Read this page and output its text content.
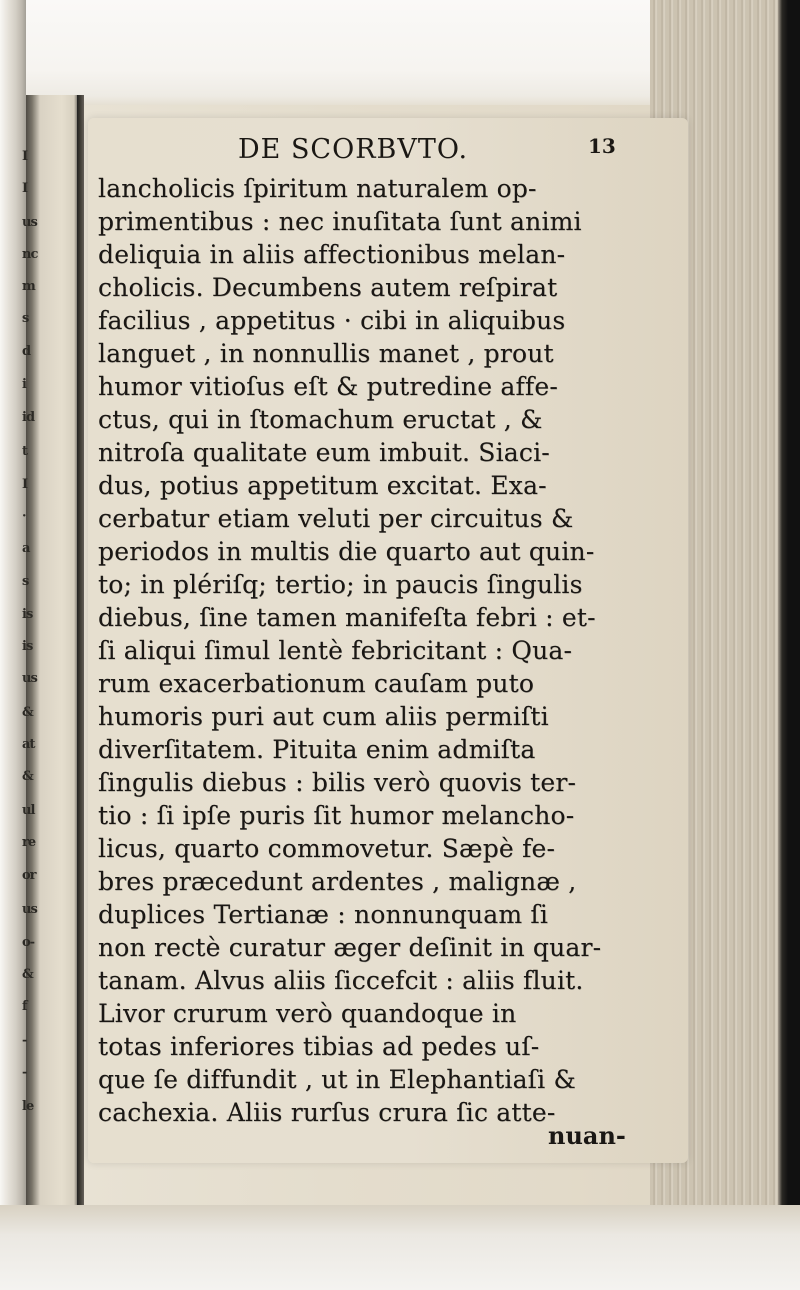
I
I
us
nc
m
s
d
i
id
t
I
·
a
s
is
is
us
&
at
&
ul
re
or
us
o-
&
f
-
-
le
DE SCORBVTO.	13
lancholicis ſpiritum naturalem op-
primentibus : nec inuſitata ſunt animi
deliquia in aliis affectionibus melan-
cholicis. Decumbens autem reſpirat
facilius , appetitus · cibi in aliquibus
languet , in nonnullis manet , prout
humor vitioſus eſt & putredine affe-
ctus, qui in ſtomachum eructat , &
nitroſa qualitate eum imbuit. Siaci-
dus, potius appetitum excitat. Exa-
cerbatur etiam veluti per circuitus &
periodos in multis die quarto aut quin-
to; in plériſq; tertio; in paucis ſingulis
diebus, ſine tamen manifeſta febri : et-
ſi aliqui ſimul lentè febricitant : Qua-
rum exacerbationum cauſam puto
humoris puri aut cum aliis permiſti
diverſitatem. Pituita enim admiſta
ſingulis diebus : bilis verò quovis ter-
tio : ſi ipſe puris ſit humor melancho-
licus, quarto commovetur. Sæpè fe-
bres præcedunt ardentes , malignæ ,
duplices Tertianæ : nonnunquam ſi
non rectè curatur æger deſinit in quar-
tanam. Alvus aliis ſiccefcit : aliis fluit.
Livor crurum verò quandoque in
totas inferiores tibias ad pedes uſ-
que ſe diffundit , ut in Elephantiaſi &
cachexia. Aliis rurſus crura ſic atte-
nuan-
